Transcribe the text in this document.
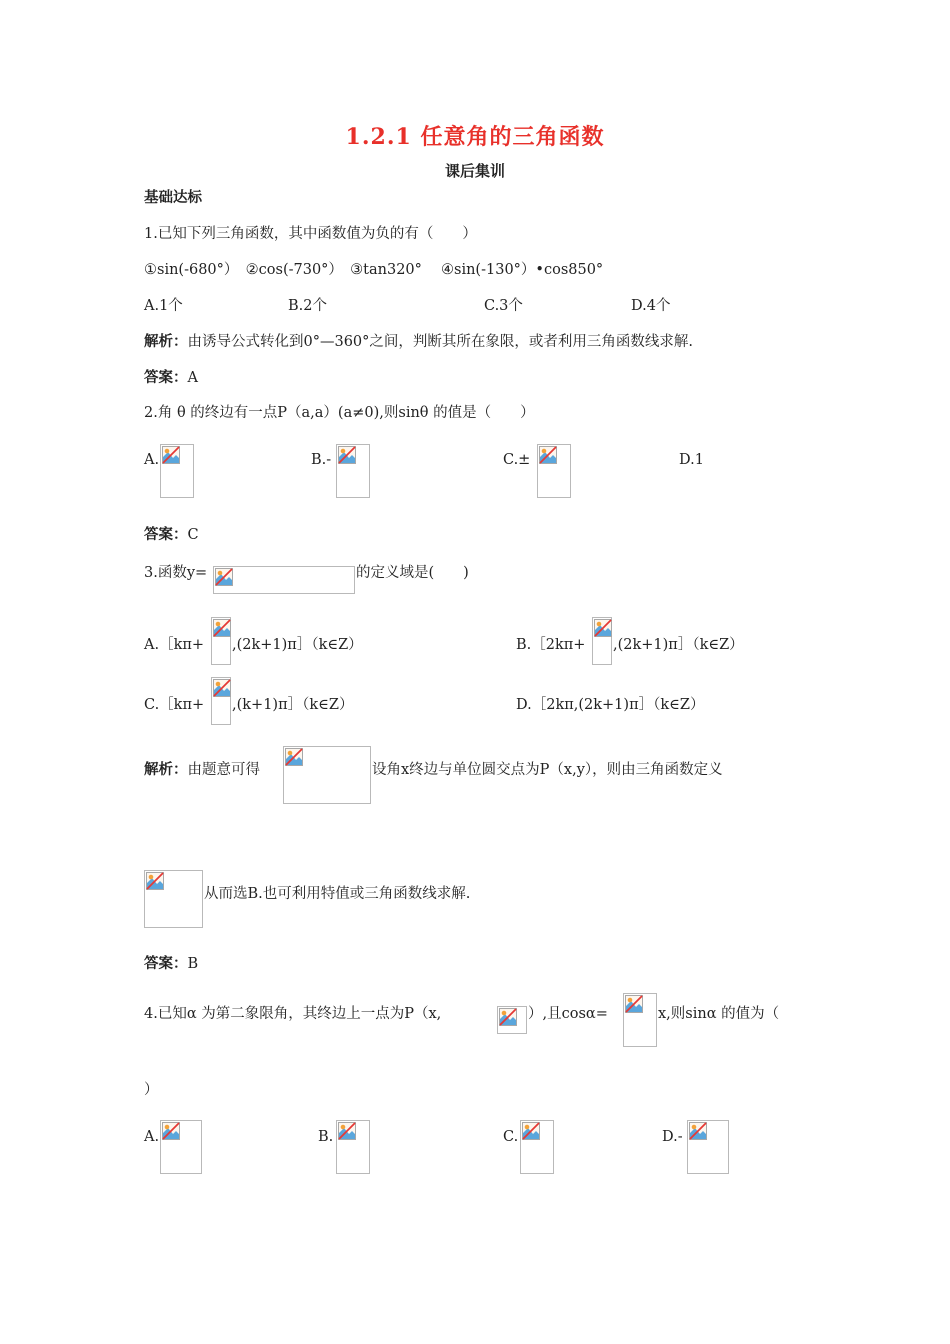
1.2.1 任意角的三角函数
课后集训
基础达标
1.已知下列三角函数，其中函数值为负的有（　　）
①sin(-680°）　②cos(-730°）　③tan320°　 ④sin(-130°）•cos850°
A.1个	B.2个	C.3个	D.4个
解析：由诱导公式转化到0°—360°之间，判断其所在象限，或者利用三角函数线求解.
答案：A
2.角 θ 的终边有一点P（a,a）(a≠0),则sinθ 的值是（　　）
A.	B.-	C.±	D.1
答案：C
3.函数y=	的定义域是(　　)
A.［kπ+ ,(2k+1)π］（k∈Z）	B.［2kπ+ ,(2k+1)π］（k∈Z）
C.［kπ+ ,(k+1)π］（k∈Z）	D.［2kπ,(2k+1)π］（k∈Z）
解析：由题意可得	设角x终边与单位圆交点为P（x,y），则由三角函数定义
从而选B.也可利用特值或三角函数线求解.
答案：B
4.已知α 为第二象限角，其终边上一点为P（x,	）,且cosα=	x,则sinα 的值为（
）
A.	B.	C.	D.-
